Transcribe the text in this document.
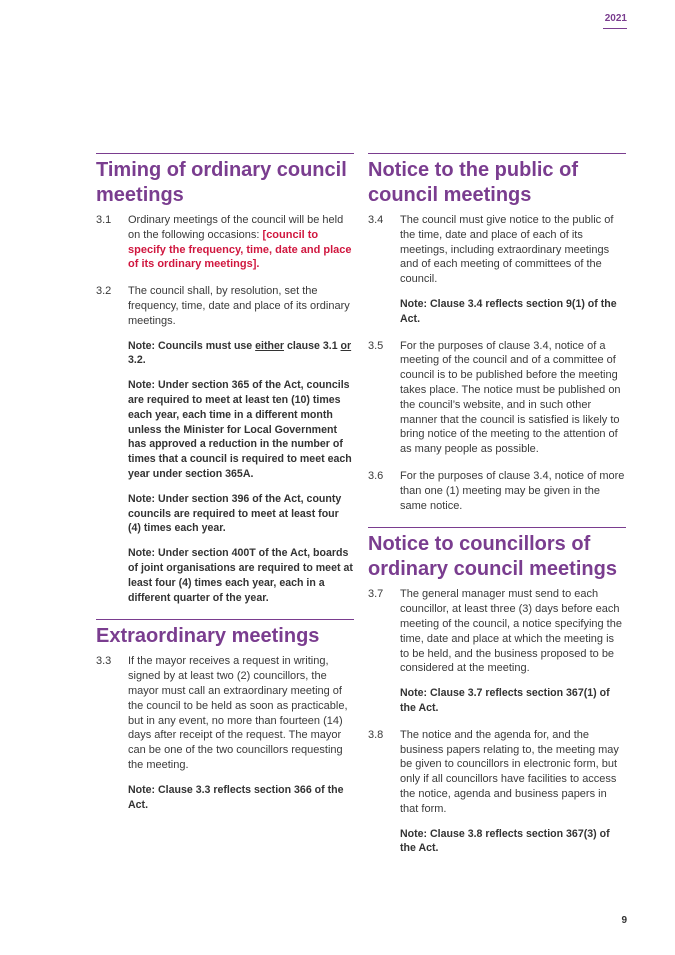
2021
Timing of ordinary council meetings
3.1	Ordinary meetings of the council will be held on the following occasions: [council to specify the frequency, time, date and place of its ordinary meetings].
3.2	The council shall, by resolution, set the frequency, time, date and place of its ordinary meetings.
Note: Councils must use either clause 3.1 or 3.2.
Note: Under section 365 of the Act, councils are required to meet at least ten (10) times each year, each time in a different month unless the Minister for Local Government has approved a reduction in the number of times that a council is required to meet each year under section 365A.
Note: Under section 396 of the Act, county councils are required to meet at least four (4) times each year.
Note: Under section 400T of the Act, boards of joint organisations are required to meet at least four (4) times each year, each in a different quarter of the year.
Extraordinary meetings
3.3	If the mayor receives a request in writing, signed by at least two (2) councillors, the mayor must call an extraordinary meeting of the council to be held as soon as practicable, but in any event, no more than fourteen (14) days after receipt of the request. The mayor can be one of the two councillors requesting the meeting.
Note: Clause 3.3 reflects section 366 of the Act.
Notice to the public of council meetings
3.4	The council must give notice to the public of the time, date and place of each of its meetings, including extraordinary meetings and of each meeting of committees of the council.
Note: Clause 3.4 reflects section 9(1) of the Act.
3.5	For the purposes of clause 3.4, notice of a meeting of the council and of a committee of council is to be published before the meeting takes place. The notice must be published on the council’s website, and in such other manner that the council is satisfied is likely to bring notice of the meeting to the attention of as many people as possible.
3.6	For the purposes of clause 3.4, notice of more than one (1) meeting may be given in the same notice.
Notice to councillors of ordinary council meetings
3.7	The general manager must send to each councillor, at least three (3) days before each meeting of the council, a notice specifying the time, date and place at which the meeting is to be held, and the business proposed to be considered at the meeting.
Note: Clause 3.7 reflects section 367(1) of the Act.
3.8	The notice and the agenda for, and the business papers relating to, the meeting may be given to councillors in electronic form, but only if all councillors have facilities to access the notice, agenda and business papers in that form.
Note: Clause 3.8 reflects section 367(3) of the Act.
9
